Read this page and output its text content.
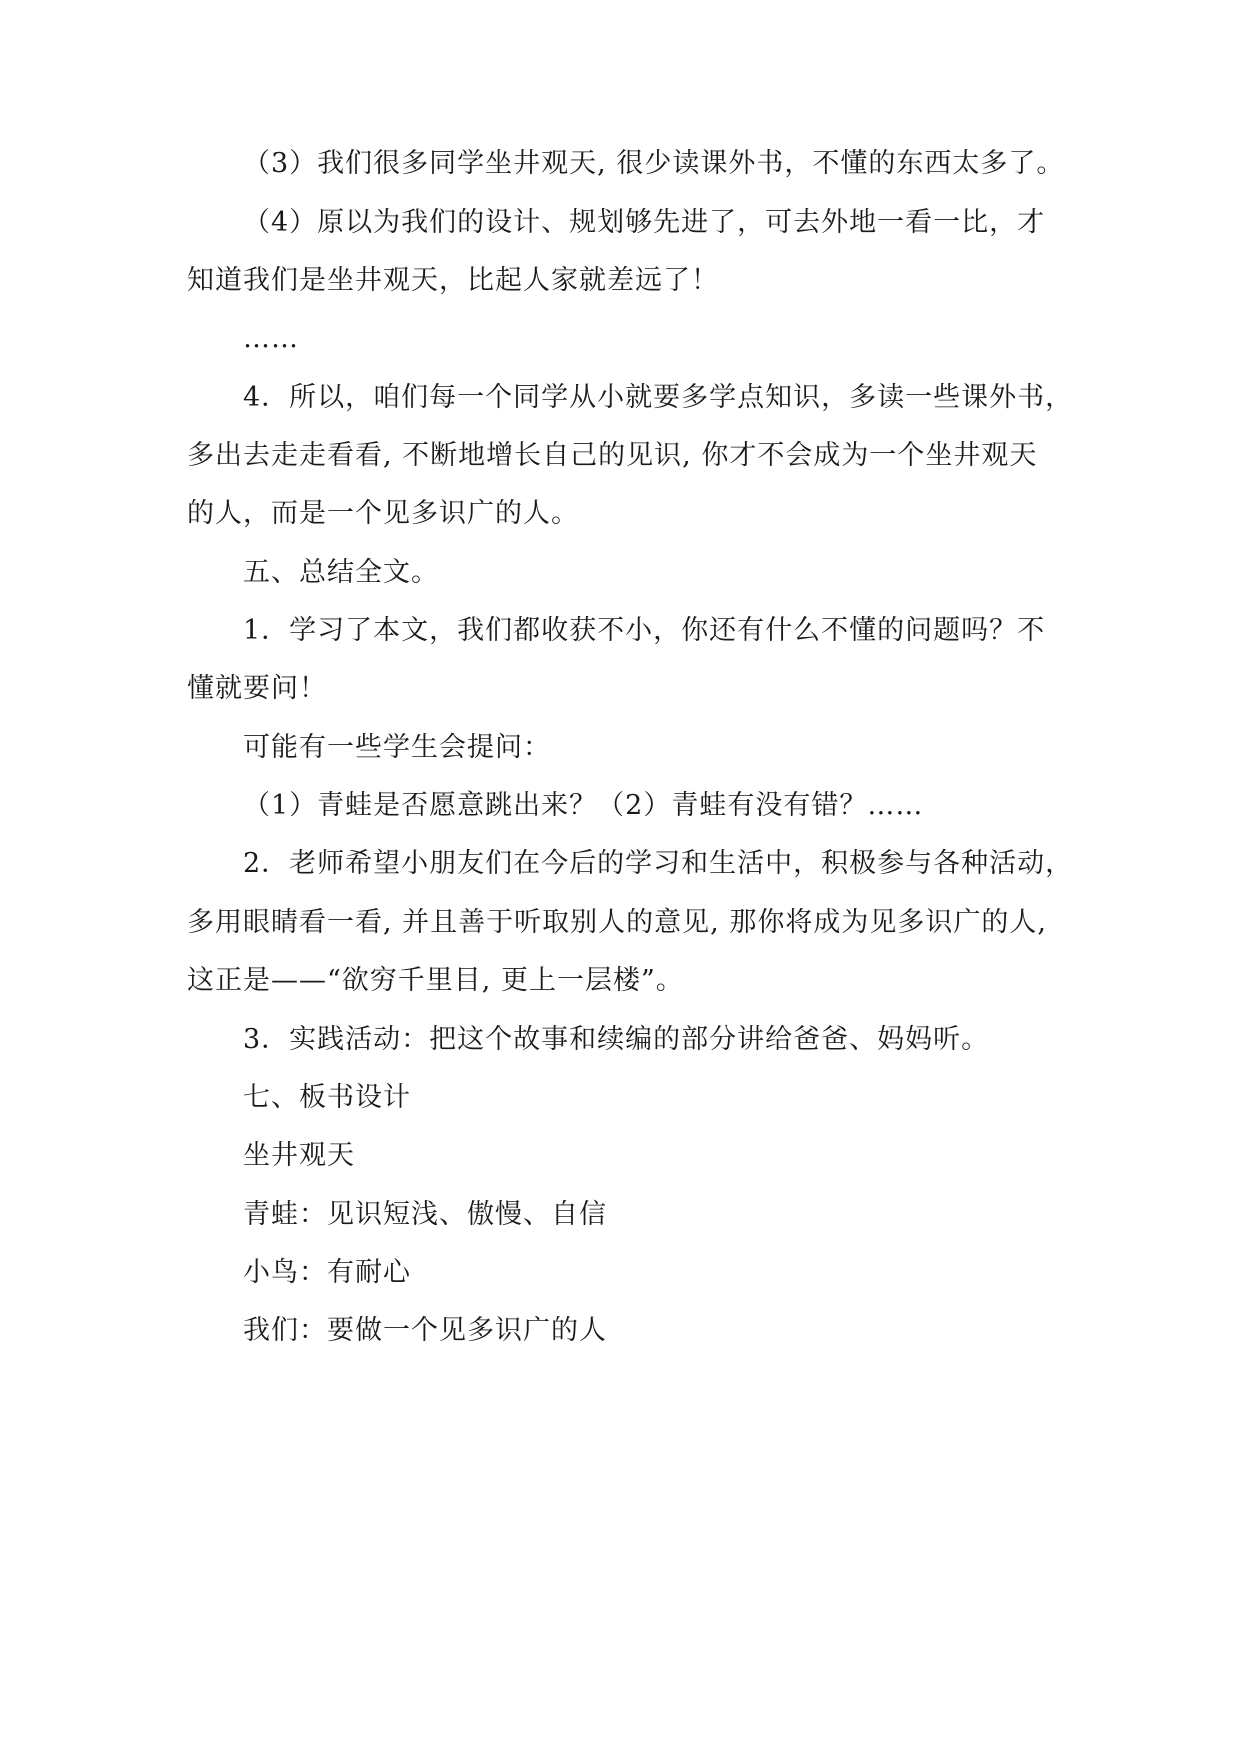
（3）我们很多同学坐井观天, 很少读课外书，不懂的东西太多了。
（4）原以为我们的设计、规划够先进了，可去外地一看一比，才
知道我们是坐井观天，比起人家就差远了！
……
4．所以，咱们每一个同学从小就要多学点知识，多读一些课外书，
多出去走走看看, 不断地增长自己的见识, 你才不会成为一个坐井观天
的人，而是一个见多识广的人。
五、总结全文。
1．学习了本文，我们都收获不小，你还有什么不懂的问题吗？不
懂就要问！
可能有一些学生会提问：
（1）青蛙是否愿意跳出来？（2）青蛙有没有错？……
2．老师希望小朋友们在今后的学习和生活中，积极参与各种活动，
多用眼睛看一看, 并且善于听取别人的意见, 那你将成为见多识广的人,
这正是——“欲穷千里目, 更上一层楼”。
3．实践活动：把这个故事和续编的部分讲给爸爸、妈妈听。
七、板书设计
坐井观天
青蛙：见识短浅、傲慢、自信
小鸟：有耐心
我们：要做一个见多识广的人
